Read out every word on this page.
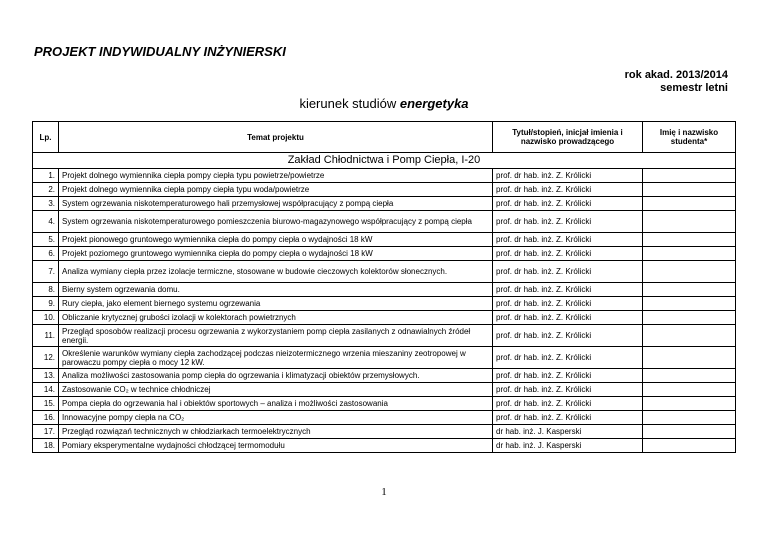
PROJEKT INDYWIDUALNY INŻYNIERSKI
rok akad. 2013/2014
semestr letni
kierunek studiów energetyka
Lp.	Temat projektu	Tytuł/stopień, inicjał imienia i nazwisko prowadzącego	Imię i nazwisko studenta*
Zakład Chłodnictwa i Pomp Ciepła, I-20			
1.	Projekt dolnego wymiennika ciepła pompy ciepła typu powietrze/powietrze	prof. dr hab. inż. Z. Królicki	
2.	Projekt dolnego wymiennika ciepła pompy ciepła typu woda/powietrze	prof. dr hab. inż. Z. Królicki	
3.	System ogrzewania niskotemperaturowego hali przemysłowej współpracujący z pompą ciepła	prof. dr hab. inż. Z. Królicki	
4.	System ogrzewania niskotemperaturowego pomieszczenia biurowo-magazynowego współpracujący z pompą ciepła	prof. dr hab. inż. Z. Królicki	
5.	Projekt pionowego gruntowego wymiennika ciepła do pompy ciepła o wydajności 18 kW	prof. dr hab. inż. Z. Królicki	
6.	Projekt poziomego gruntowego wymiennika ciepła do pompy ciepła o wydajności 18 kW	prof. dr hab. inż. Z. Królicki	
7.	Analiza wymiany ciepła przez izolacje termiczne, stosowane w budowie cieczowych kolektorów słonecznych.	prof. dr hab. inż. Z. Królicki	
8.	Bierny system ogrzewania domu.	prof. dr hab. inż. Z. Królicki	
9.	Rury ciepła, jako element biernego systemu ogrzewania	prof. dr hab. inż. Z. Królicki	
10.	Obliczanie krytycznej grubości izolacji w kolektorach powietrznych	prof. dr hab. inż. Z. Królicki	
11.	Przegląd sposobów realizacji procesu ogrzewania z wykorzystaniem pomp ciepła zasilanych z odnawialnych źródeł energii.	prof. dr hab. inż. Z. Królicki	
12.	Określenie warunków wymiany ciepła zachodzącej podczas nieizotermicznego wrzenia mieszaniny zeotropowej w parowaczu pompy ciepła o mocy 12 kW.	prof. dr hab. inż. Z. Królicki	
13.	Analiza możliwości zastosowania pomp ciepła do ogrzewania i klimatyzacji obiektów przemysłowych.	prof. dr hab. inż. Z. Królicki	
14.	Zastosowanie CO₂ w technice chłodniczej	prof. dr hab. inż. Z. Królicki	
15.	Pompa ciepła do ogrzewania hal i obiektów sportowych – analiza i możliwości zastosowania	prof. dr hab. inż. Z. Królicki	
16.	Innowacyjne pompy ciepła na CO₂	prof. dr hab. inż. Z. Królicki	
17.	Przegląd rozwiązań technicznych w chłodziarkach termoelektrycznych	dr hab. inż. J. Kasperski	
18.	Pomiary eksperymentalne wydajności chłodzącej termomodułu	dr hab. inż. J. Kasperski	
1
